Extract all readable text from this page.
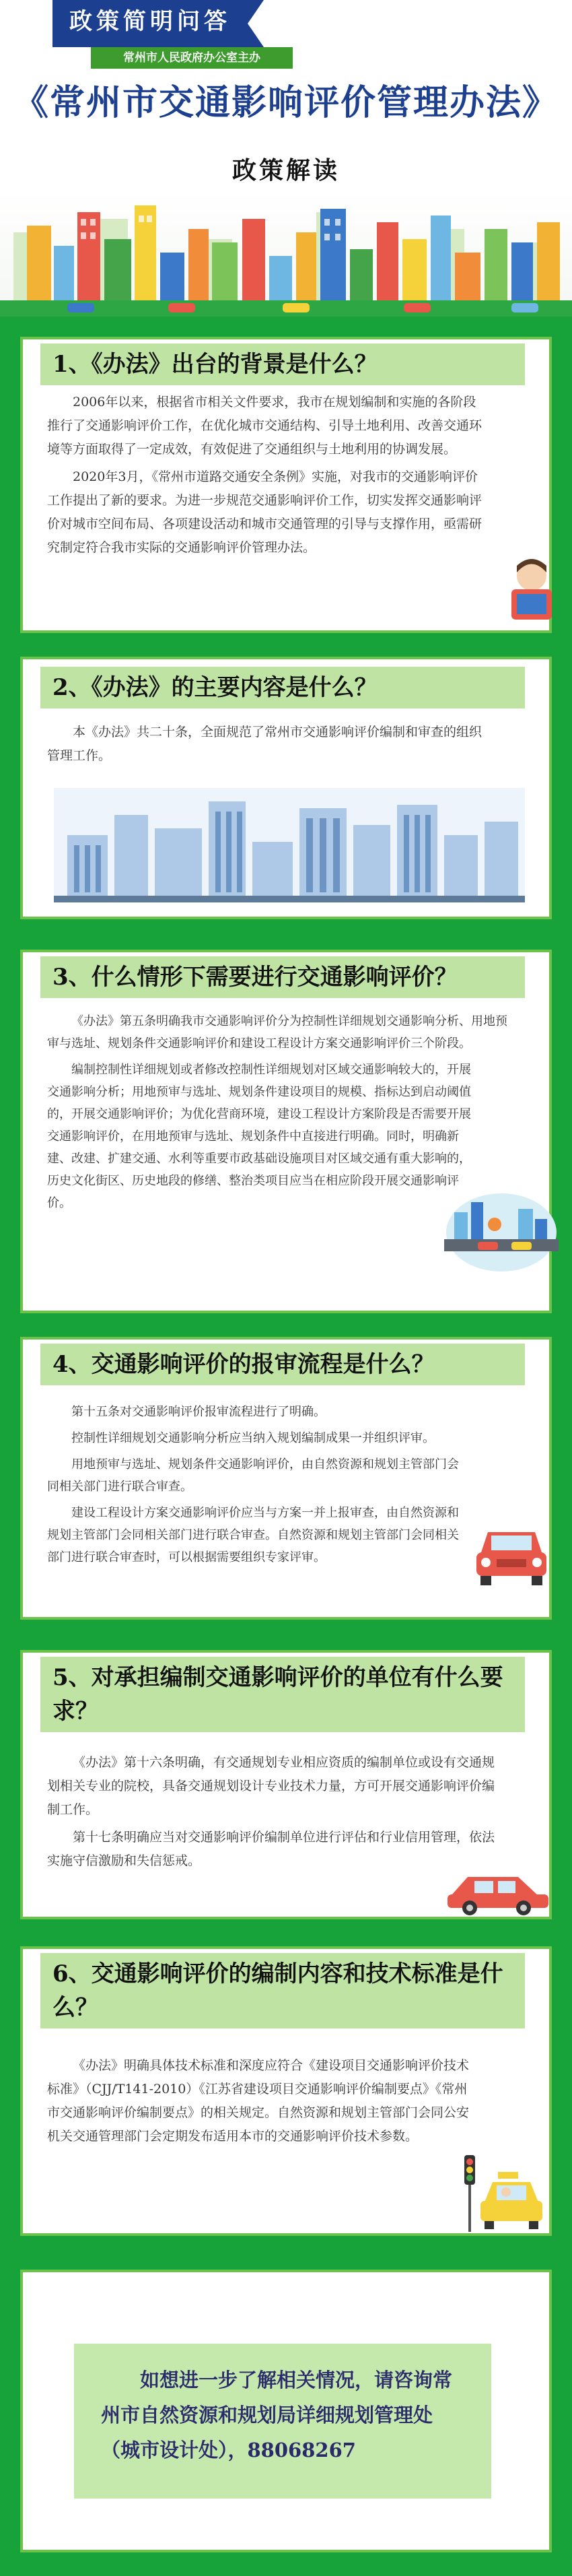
政策简明问答
常州市人民政府办公室主办
《常州市交通影响评价管理办法》
政策解读
1、《办法》出台的背景是什么？

2006年以来，根据省市相关文件要求，我市在规划编制和实施的各阶段推行了交通影响评价工作，在优化城市交通结构、引导土地利用、改善交通环境等方面取得了一定成效，有效促进了交通组织与土地利用的协调发展。

2020年3月，《常州市道路交通安全条例》实施，对我市的交通影响评价工作提出了新的要求。为进一步规范交通影响评价工作，切实发挥交通影响评价对城市空间布局、各项建设活动和城市交通管理的引导与支撑作用，亟需研究制定符合我市实际的交通影响评价管理办法。

2、《办法》的主要内容是什么？

本《办法》共二十条，全面规范了常州市交通影响评价编制和审查的组织管理工作。

3、什么情形下需要进行交通影响评价？

《办法》第五条明确我市交通影响评价分为控制性详细规划交通影响分析、用地预审与选址、规划条件交通影响评价和建设工程设计方案交通影响评价三个阶段。

编制控制性详细规划或者修改控制性详细规划对区域交通影响较大的，开展交通影响分析；用地预审与选址、规划条件建设项目的规模、指标达到启动阈值的，开展交通影响评价；为优化营商环境，建设工程设计方案阶段是否需要开展交通影响评价，在用地预审与选址、规划条件中直接进行明确。同时，明确新建、改建、扩建交通、水利等重要市政基础设施项目对区域交通有重大影响的，历史文化街区、历史地段的修缮、整治类项目应当在相应阶段开展交通影响评价。

4、交通影响评价的报审流程是什么？

第十五条对交通影响评价报审流程进行了明确。

控制性详细规划交通影响分析应当纳入规划编制成果一并组织评审。

用地预审与选址、规划条件交通影响评价，由自然资源和规划主管部门会同相关部门进行联合审查。

建设工程设计方案交通影响评价应当与方案一并上报审查，由自然资源和规划主管部门会同相关部门进行联合审查。自然资源和规划主管部门会同相关部门进行联合审查时，可以根据需要组织专家评审。

5、对承担编制交通影响评价的单位有什么要求？

《办法》第十六条明确，有交通规划专业相应资质的编制单位或设有交通规划相关专业的院校，具备交通规划设计专业技术力量，方可开展交通影响评价编制工作。

第十七条明确应当对交通影响评价编制单位进行评估和行业信用管理，依法实施守信激励和失信惩戒。

6、交通影响评价的编制内容和技术标准是什么？

《办法》明确具体技术标准和深度应符合《建设项目交通影响评价技术标准》（CJJ/T141-2010）《江苏省建设项目交通影响评价编制要点》《常州市交通影响评价编制要点》的相关规定。自然资源和规划主管部门会同公安机关交通管理部门会定期发布适用本市的交通影响评价技术参数。

如想进一步了解相关情况，请咨询常州市自然资源和规划局详细规划管理处（城市设计处），88068267
